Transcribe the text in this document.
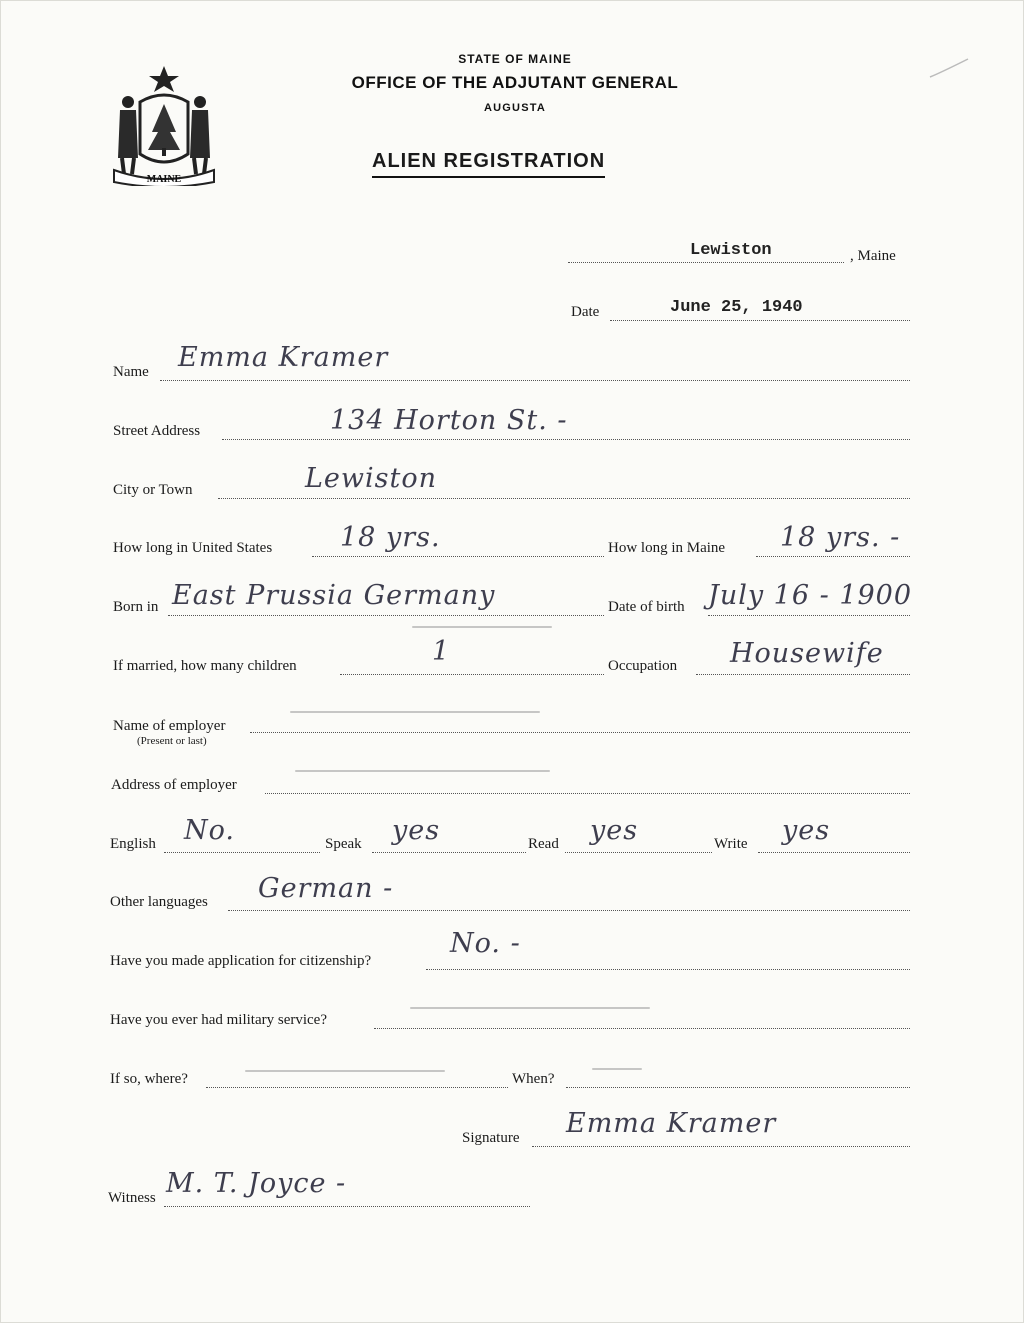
MAINE
STATE OF MAINE
OFFICE OF THE ADJUTANT GENERAL
AUGUSTA
ALIEN REGISTRATION
Lewiston	, Maine
Date	June 25, 1940
Name Emma Kramer
Street Address	134 Horton St. -
City or Town	Lewiston
How long in United States	18 yrs.	How long in Maine 18 yrs. -
Born in East Prussia Germany	Date of birth July 16 - 1900
If married, how many children	1	Occupation Housewife
Name of employer
(Present or last)
Address of employer
English No.	Speak yes	Read yes	Write yes
Other languages German -
Have you made application for citizenship?
No. -
Have you ever had military service?
If so, where?	When?
Signature Emma Kramer
Witness M. T. Joyce -
